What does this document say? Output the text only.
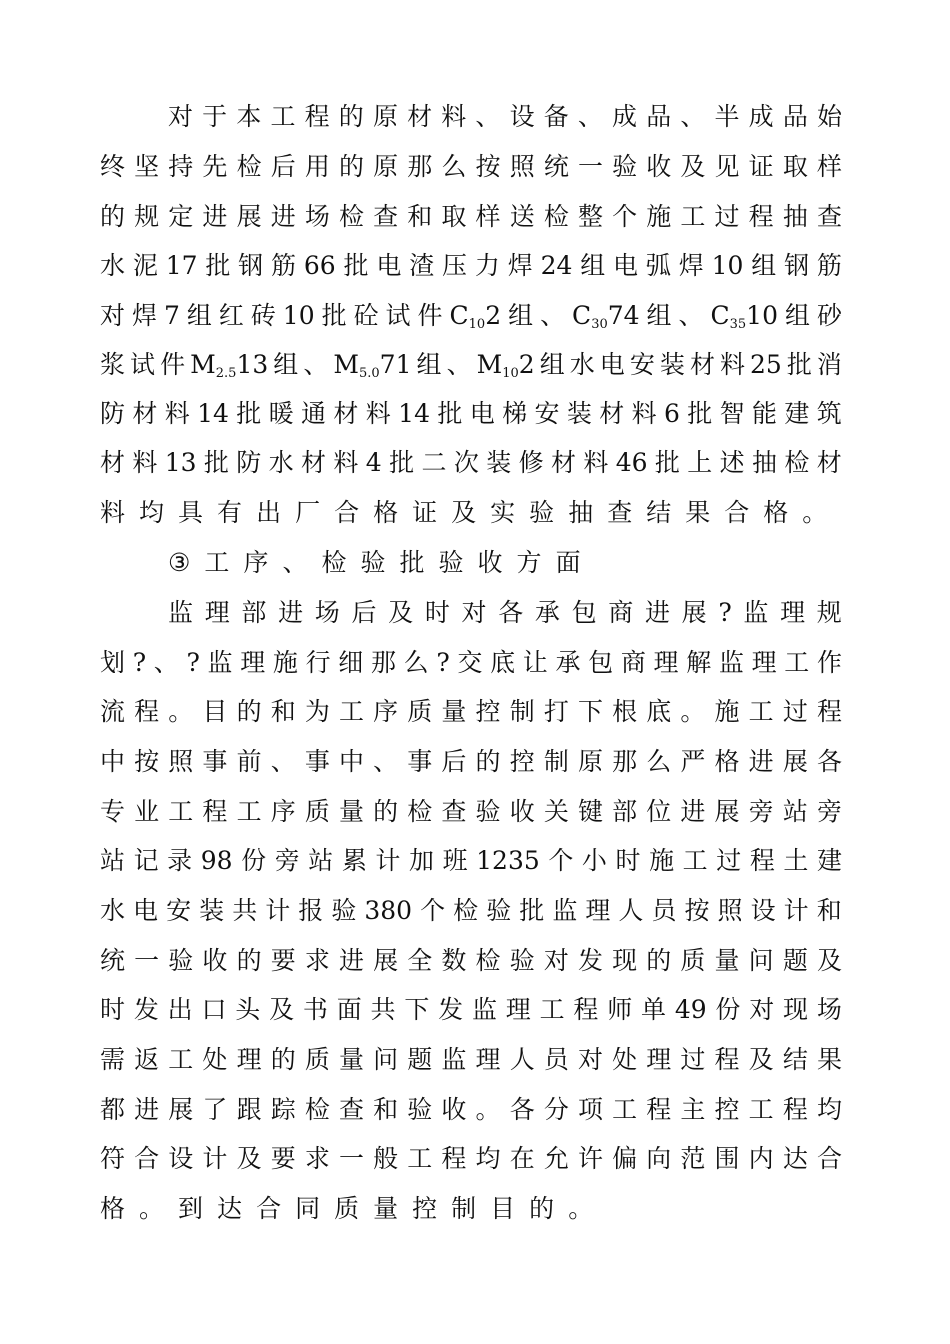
对 于 本 工 程 的 原 材 料 、 设 备 、 成 品 、 半 成 品 始
终 坚 持 先 检 后 用 的 原 那 么 按 照 统 一 验 收 及 见 证 取 样
的 规 定 进 展 进 场 检 查 和 取 样 送 检 整 个 施 工 过 程 抽 查
水 泥 17 批 钢 筋 66 批 电 渣 压 力 焊 24 组 电 弧 焊 10 组 钢 筋
对 焊 7 组 红 砖 10 批 砼 试 件 $C_{10}2$ 组 、 $C_{30}74$ 组 、 $C_{35}10$ 组 砂
浆 试 件 $M_{2.5}13$ 组 、 $M_{5.0}71$ 组 、 $M_{10}2$ 组 水 电 安 装 材 料 25 批 消
防 材 料 14 批 暖 通 材 料 14 批 电 梯 安 装 材 料 6 批 智 能 建 筑
材 料 13 批 防 水 材 料 4 批 二 次 装 修 材 料 46 批 上 述 抽 检 材
料 均 具 有 出 厂 合 格 证 及 实 验 抽 查 结 果 合 格 。
③ 工 序 、 检 验 批 验 收 方 面
监 理 部 进 场 后 及 时 对 各 承 包 商 进 展 ? 监 理 规
划 ? 、 ? 监 理 施 行 细 那 么 ? 交 底 让 承 包 商 理 解 监 理 工 作
流 程 。 目 的 和 为 工 序 质 量 控 制 打 下 根 底 。 施 工 过 程
中 按 照 事 前 、 事 中 、 事 后 的 控 制 原 那 么 严 格 进 展 各
专 业 工 程 工 序 质 量 的 检 查 验 收 关 键 部 位 进 展 旁 站 旁
站 记 录 98 份 旁 站 累 计 加 班 1235 个 小 时 施 工 过 程 土 建
水 电 安 装 共 计 报 验 380 个 检 验 批 监 理 人 员 按 照 设 计 和
统 一 验 收 的 要 求 进 展 全 数 检 验 对 发 现 的 质 量 问 题 及
时 发 出 口 头 及 书 面 共 下 发 监 理 工 程 师 单 49 份 对 现 场
需 返 工 处 理 的 质 量 问 题 监 理 人 员 对 处 理 过 程 及 结 果
都 进 展 了 跟 踪 检 查 和 验 收 。 各 分 项 工 程 主 控 工 程 均
符 合 设 计 及 要 求 一 般 工 程 均 在 允 许 偏 向 范 围 内 达 合
格 。 到 达 合 同 质 量 控 制 目 的 。
